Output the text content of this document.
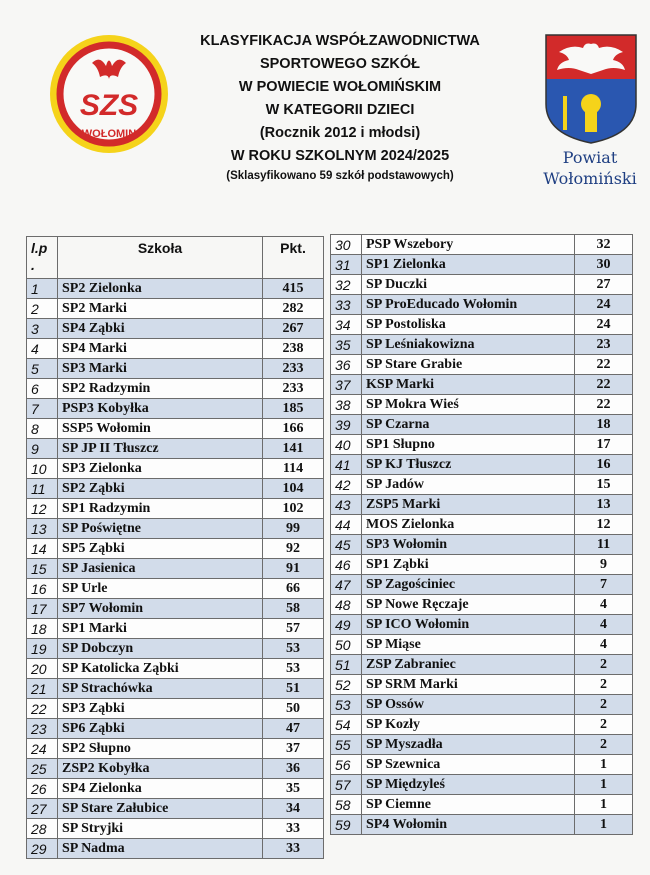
SZS
WOŁOMIN
KLASYFIKACJA WSPÓŁZAWODNICTWA
SPORTOWEGO SZKÓŁ
W POWIECIE WOŁOMIŃSKIM
W KATEGORII DZIECI
(Rocznik 2012 i młodsi)
W ROKU SZKOLNYM 2024/2025
(Sklasyfikowano 59 szkół podstawowych)
Powiat
Wołomiński
l.p
.	Szkoła	Pkt.
1	SP2 Zielonka	415
2	SP2 Marki	282
3	SP4 Ząbki	267
4	SP4 Marki	238
5	SP3 Marki	233
6	SP2 Radzymin	233
7	PSP3 Kobyłka	185
8	SSP5 Wołomin	166
9	SP JP II Tłuszcz	141
10	SP3 Zielonka	114
11	SP2 Ząbki	104
12	SP1 Radzymin	102
13	SP Poświętne	99
14	SP5 Ząbki	92
15	SP Jasienica	91
16	SP Urle	66
17	SP7 Wołomin	58
18	SP1 Marki	57
19	SP Dobczyn	53
20	SP Katolicka Ząbki	53
21	SP Strachówka	51
22	SP3 Ząbki	50
23	SP6 Ząbki	47
24	SP2 Słupno	37
25	ZSP2 Kobyłka	36
26	SP4 Zielonka	35
27	SP Stare Załubice	34
28	SP Stryjki	33
29	SP Nadma	33
30	PSP Wszebory	32
31	SP1 Zielonka	30
32	SP Duczki	27
33	SP ProEducado Wołomin	24
34	SP Postoliska	24
35	SP Leśniakowizna	23
36	SP Stare Grabie	22
37	KSP Marki	22
38	SP Mokra Wieś	22
39	SP Czarna	18
40	SP1 Słupno	17
41	SP KJ Tłuszcz	16
42	SP Jadów	15
43	ZSP5 Marki	13
44	MOS Zielonka	12
45	SP3 Wołomin	11
46	SP1 Ząbki	9
47	SP Zagościniec	7
48	SP Nowe Ręczaje	4
49	SP ICO Wołomin	4
50	SP Miąse	4
51	ZSP Zabraniec	2
52	SP SRM Marki	2
53	SP Ossów	2
54	SP Kozły	2
55	SP Myszadła	2
56	SP Szewnica	1
57	SP Międzyleś	1
58	SP Ciemne	1
59	SP4 Wołomin	1
